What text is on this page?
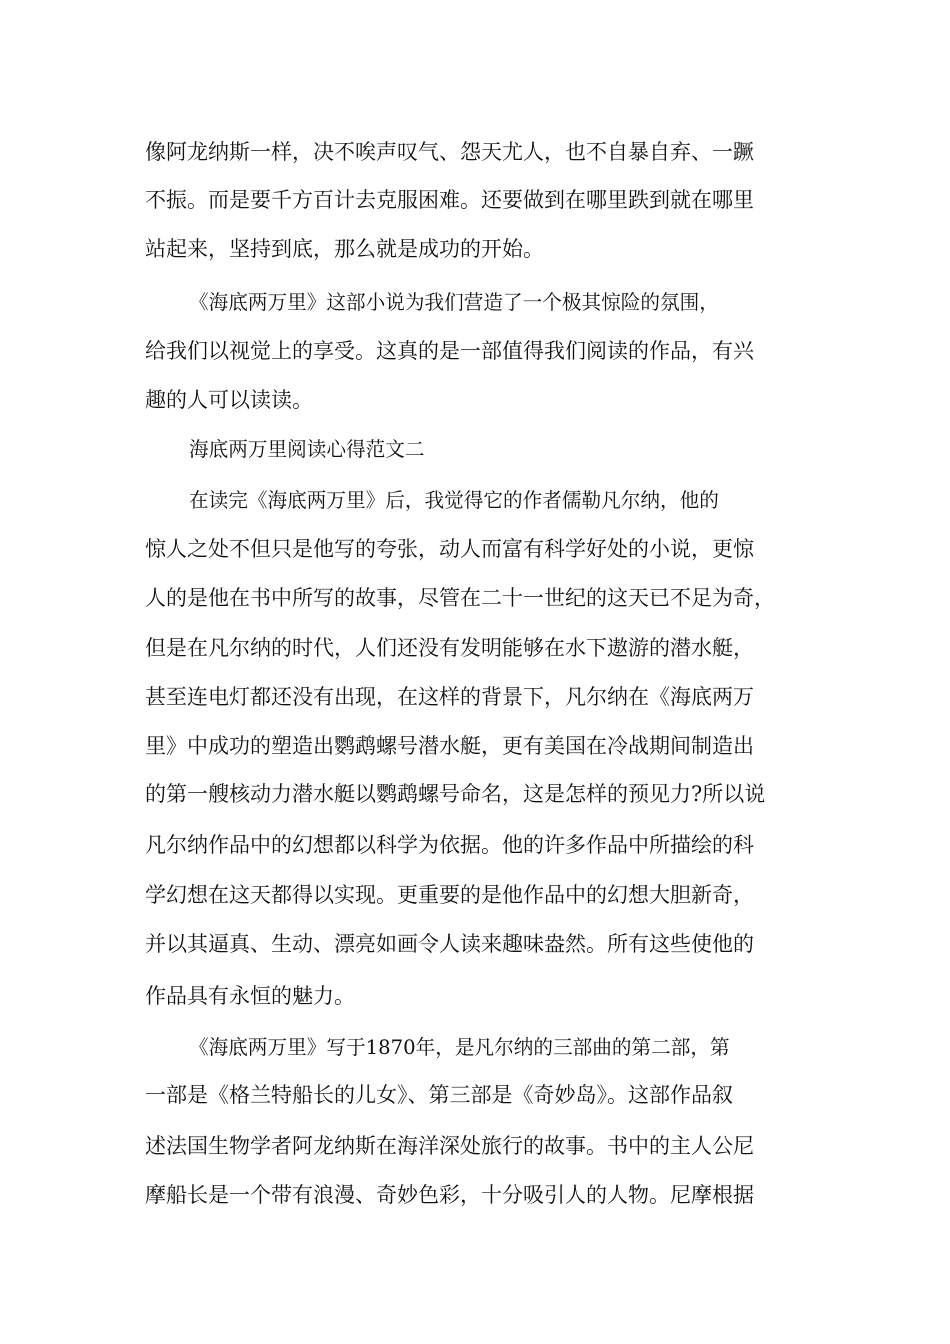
像阿龙纳斯一样，决不唉声叹气、怨天尤人，也不自暴自弃、一蹶
不振。而是要千方百计去克服困难。还要做到在哪里跌到就在哪里
站起来，坚持到底，那么就是成功的开始。
《海底两万里》这部小说为我们营造了一个极其惊险的氛围，
给我们以视觉上的享受。这真的是一部值得我们阅读的作品，有兴
趣的人可以读读。
海底两万里阅读心得范文二
在读完《海底两万里》后，我觉得它的作者儒勒凡尔纳，他的
惊人之处不但只是他写的夸张，动人而富有科学好处的小说，更惊
人的是他在书中所写的故事，尽管在二十一世纪的这天已不足为奇，
但是在凡尔纳的时代，人们还没有发明能够在水下遨游的潜水艇，
甚至连电灯都还没有出现，在这样的背景下，凡尔纳在《海底两万
里》中成功的塑造出鹦鹉螺号潜水艇，更有美国在冷战期间制造出
的第一艘核动力潜水艇以鹦鹉螺号命名，这是怎样的预见力?所以说
凡尔纳作品中的幻想都以科学为依据。他的许多作品中所描绘的科
学幻想在这天都得以实现。更重要的是他作品中的幻想大胆新奇，
并以其逼真、生动、漂亮如画令人读来趣味盎然。所有这些使他的
作品具有永恒的魅力。
《海底两万里》写于1870年，是凡尔纳的三部曲的第二部，第
一部是《格兰特船长的儿女》、第三部是《奇妙岛》。这部作品叙
述法国生物学者阿龙纳斯在海洋深处旅行的故事。书中的主人公尼
摩船长是一个带有浪漫、奇妙色彩，十分吸引人的人物。尼摩根据
